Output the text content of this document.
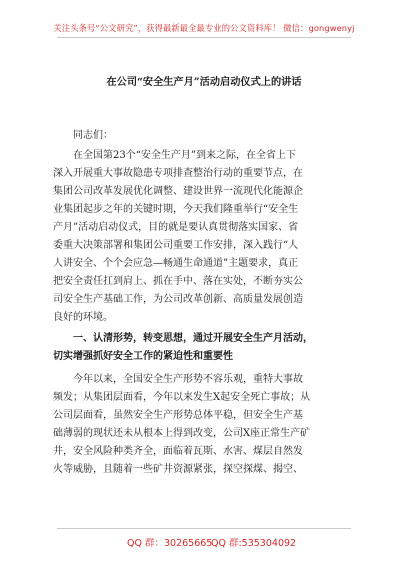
关注头条号“公文研究”，获得最新最全最专业的公文资料库！ 微信：gongwenyj
在公司“安全生产月”活动启动仪式上的讲话
同志们：
在全国第23个“安全生产月”到来之际，在全省上下
深入开展重大事故隐患专项排查整治行动的重要节点，在
集团公司改革发展优化调整、建设世界一流现代化能源企
业集团起步之年的关键时期，今天我们隆重举行“安全生
产月”活动启动仪式，目的就是要认真贯彻落实国家、省
委重大决策部署和集团公司重要工作安排，深入践行“人
人讲安全、个个会应急—畅通生命通道”主题要求，真正
把安全责任扛到肩上、抓在手中、落在实处，不断夯实公
司安全生产基础工作，为公司改革创新、高质量发展创造
良好的环境。
一、认清形势，转变思想，通过开展安全生产月活动，
切实增强抓好安全工作的紧迫性和重要性
今年以来，全国安全生产形势不容乐观，重特大事故
频发；从集团层面看，今年以来发生X起安全死亡事故；从
公司层面看，虽然安全生产形势总体平稳，但安全生产基
础薄弱的现状还未从根本上得到改变，公司X座正常生产矿
井，安全风险种类齐全，面临着瓦斯、水害、煤层自然发
火等威胁，且随着一些矿井资源紧张，探空探煤、揭空、
QQ 群：30265665
QQ 群:535304092
